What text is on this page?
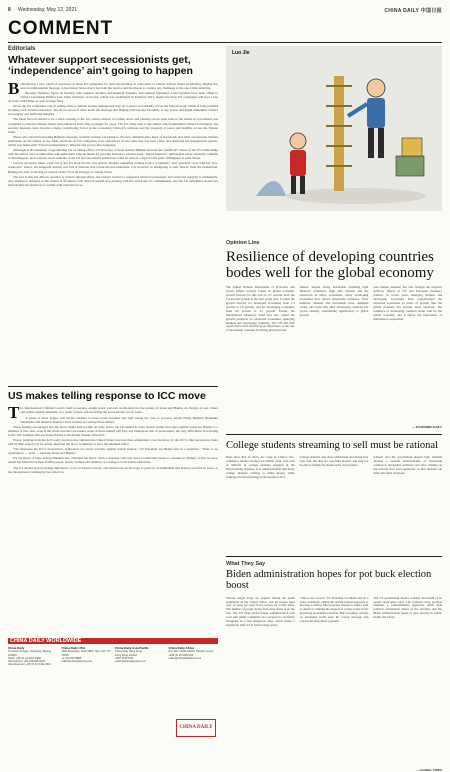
8 Wednesday, May 12, 2021	CHINA DAILY 中国日报
COMMENT
Editorials
Whatever support secessionists get, ‘independence’ ain’t going to happen

Bannouncing a new round of sanctions on those US companies for their involvement in arms sales to China's Taiwan island on Monday, Beijing has sent an unmistakable message to the United States that it has both the resolve and the means to counter any challenge to the one-China principle.

Boeing's Defense, Space & Security unit, General Atomics Aeronautical Systems, and General Dynamics Land Systems have been added to China's Unreliable Entities List. Their inclusion on the list, which was established in February 2021, means the three US companies will face a ban on trade with China, as well as huge fines.

Given the US companies' role in selling arms to Taiwan and the damage that may do to peace and stability across the Taiwan Strait, China is fully justified in taking such decisive measures. The move serves to drive home the message that Beijing will respond forcefully to any action that might undermine China's sovereignty and territorial integrity.

The latest move is meant to be a stern warning to the US, which, instead of scaling down and phasing out its arms sales to the island as it promised, has continued to arm the Chinese island with enhanced arms sales packages for years. The US' arms sales to the island, which undermine China's sovereignty and security interests, have become a major contributing factor to the worsening China-US relations and the jeopardy of peace and stability across the Taiwan Strait.

Those who should be heeding Beijing's message certainly include Lai Ching-te, the new administrative head on the island, and other secessionist-minded politicians on the island, as the fresh sanctions on US companies were announced on the same day Lai took office and delivered his inauguration speech, which was laden with "Taiwan independence" fallacies and provocative language.

Although in his statement congratulating Lai on taking office, US Secretary of State Antony Blinken stressed the "unofficial" nature of the US' relationship with the island, the Lai authorities will understand what he meant by pressing Taiwan to advance their "shared interests". Although it never explicitly commits to Washington's provocations, those remarks of the US and the island's politicians could be seen as a sign of both sides' willingness to push ahead.

Lai has obviously taken a leaf out of the US book for his own speech. Despite ostensibly striking both a "pragmatic" and "practical" note with his "pro-status-quo" stance, his inaugural address was full of fallacies that reveal his true intentions. Lai, however, in attempting to split Taiwan from the motherland, Beijing has said, is serving as a pawn of the US in its strategy to contain China.

The fact is that the Taiwan question is China's internal affair, and China's resolve to safeguard national sovereignty and territorial integrity is unshakable. Any attempt to interfere in this matter is doomed to fail. The US should stop playing with fire and honor its commitments, and the Lai authorities should not miscalculate the situation or collude with external forces.

US makes telling response to ICC move

The International Criminal Court's chief prosecutor sought arrest warrants on Monday for the leaders of Israel and Hamas on charges of war crimes and crimes against humanity as a result of their actions during the seven-month war in Gaza.

A panel of three judges will decide whether to issue arrest warrants that will enable the case to proceed. Israeli Prime Minister Benjamin Netanyahu and Defense Minister Yoav Gallant are among those named.

Those finding encouraged that the move might help prompt an early end to the bloodshed in Gaza should realize that since neither Israel nor Hamas is a member of the court, even if the arrest warrants are issued, none of those named will face any immediate risk of prosecution, but only difficulties in traveling to the 124 countries that are States Parties to the Rome Statute of the ICC.

Worse, judging from the fact's early reaction that signaled the United States was less than enthusiastic over the move by the ICC's chief prosecutor, there will be little support for its action, meaning the move is unlikely to have the intended effect.

"We denounce the ICC's prosecutor's application for arrest warrants against Israeli leaders," US President Joe Biden said in a statement. "There is no equivalence — none — between Israel and Hamas."

US Secretary of State Antony Blinken also criticized the move. Such a response will only serve to embolden Israel to continue its military action in Gaza, which has killed more than 35,000 people, mostly women and children, according to local health authorities.

The US should stop providing diplomatic cover for Israel's actions, and instead use its leverage to push for an immediate and lasting ceasefire in Gaza, as the international community has called for.

CHINA DAILY WORLDWIDE
China Daily
15 Huixin Dongjie, Chaoyang, Beijing 100029
News: +86 (0) 10 6491-8366
Subscription: +86 400-699-0203
Advertisement: +86 (0) 10 6491-8631
China Daily USA
1500 Broadway, Suite 2800, New York, NY 10036
+1 212 537 8888
editor@chinadailyusa.com
China Daily Asia Pacific
China Daily Hong Kong
Hong Kong Limited
+852 2518 5111
editor@chinadailyasia.com
China Daily Africa
P.O. Box 27281-00100, Nairobi, Kenya
+254 (0) 20 6960 000
editor@chinadailyafrica.com
CHINA DAILY
Luo Jie
Opinion Line
Resilience of developing countries bodes well for the global economy
The United Nations Department of Economic and Social Affairs recently raised its global economic growth forecast for this year to 2.7 percent from the 2.4 percent it made at the start of the year. It raised the growth forecast for developed economies from 1.3 percent to 1.6 percent, and for developing economies from 4.0 percent to 4.1 percent. Earlier, the International Monetary Fund had also raised the growth prospects for advanced economies, emerging markets and developing countries. The UN and IMF reports have both attached great importance to the role of developing countries in driving global growth.
Indeed, despite facing headwinds including tight financial conditions, high debt burdens and the slowdown in major economies, many developing economies have shown remarkable resilience. Their domestic demand and investment have remained robust, and trade with other developing countries has grown steadily, contributing significantly to global growth.
And market demand, but also bridged the negative spillover effects of US and European monetary policies. In recent years, emerging markets and developing economies have outperformed the advanced economies in terms of growth, thus the global economy has become more balanced. The resilience of developing countries bodes well for the global economy, and it shows the importance of multilateral cooperation.
— ECONOMIC DAILY
College students streaming to sell must be rational
Data show that in 2023, the scale of China's live-commerce market reached 4.9 trillion yuan, with tens of millions of college students engaged in the livestreaming business. It is understandable that many college students wishing to make money while studying see livestreaming as the means to do it.
College students who show enthusiasm and daring may earn well, but they are "not fully mature" and may not be able to handle the market risks and pressure.
Schools and the government should help students develop a rational understanding of livestream commerce, strengthen guidance and offer training on the relevant laws and regulations, so that students can make informed decisions.
What They Say
Biden administration hopes for pot buck election boost
Various illegal drugs are popular among the youth population in the United States, and 20 people aged over 12 years try weed in the society on a daily basis. The number of people dying from drug abuse is on the rise. The US Drug Enforcement Administration will soon take public comments on a proposal to reclassify marijuana as a less dangerous drug, which marks a significant shift in US federal drug policy.
"This is not correct," US President Joe Biden said in a video statement, calling the current federal approach to the drug a failure. The proposed change is widely seen as aimed at winning the support of young voters in the upcoming presidential election. But loosening controls on marijuana could send the wrong message and worsen the drug abuse problem.
The US government should consider the health of its people more than votes. The country's drug problem demands a comprehensive approach, rather than political calculations ahead of the election, and the Biden administration needs to give priority to public health and safety.
— GLOBAL TIMES
